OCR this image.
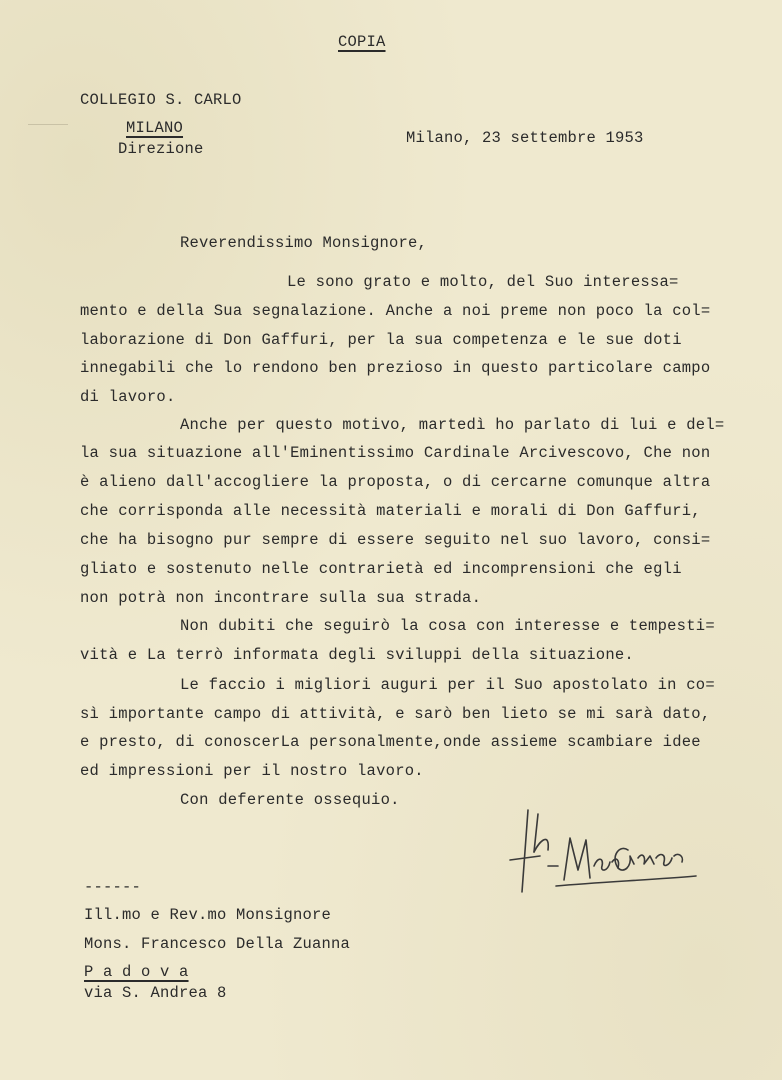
COPIA
COLLEGIO S. CARLO
MILANO
Direzione
Milano, 23 settembre 1953
Reverendissimo Monsignore,
Le sono grato e molto, del Suo interessa=
mento e della Sua segnalazione. Anche a noi preme non poco la col=
laborazione di Don Gaffuri, per la sua competenza e le sue doti
innegabili che lo rendono ben prezioso in questo particolare campo
di lavoro.
Anche per questo motivo, martedì ho parlato di lui e del=
la sua situazione all'Eminentissimo Cardinale Arcivescovo, Che non
è alieno dall'accogliere la proposta, o di cercarne comunque altra
che corrisponda alle necessità materiali e morali di Don Gaffuri,
che ha bisogno pur sempre di essere seguito nel suo lavoro, consi=
gliato e sostenuto nelle contrarietà ed incomprensioni che egli
non potrà non incontrare sulla sua strada.
Non dubiti che seguirò la cosa con interesse e tempesti=
vità e La terrò informata degli sviluppi della situazione.
Le faccio i migliori auguri per il Suo apostolato in co=
sì importante campo di attività, e sarò ben lieto se mi sarà dato,
e presto, di conoscerLa personalmente,onde assieme scambiare idee
ed impressioni per il nostro lavoro.
Con deferente ossequio.	+ Mons Gaffuri
------
Ill.mo e Rev.mo Monsignore
Mons. Francesco Della Zuanna
P a d o v a
via S. Andrea 8
